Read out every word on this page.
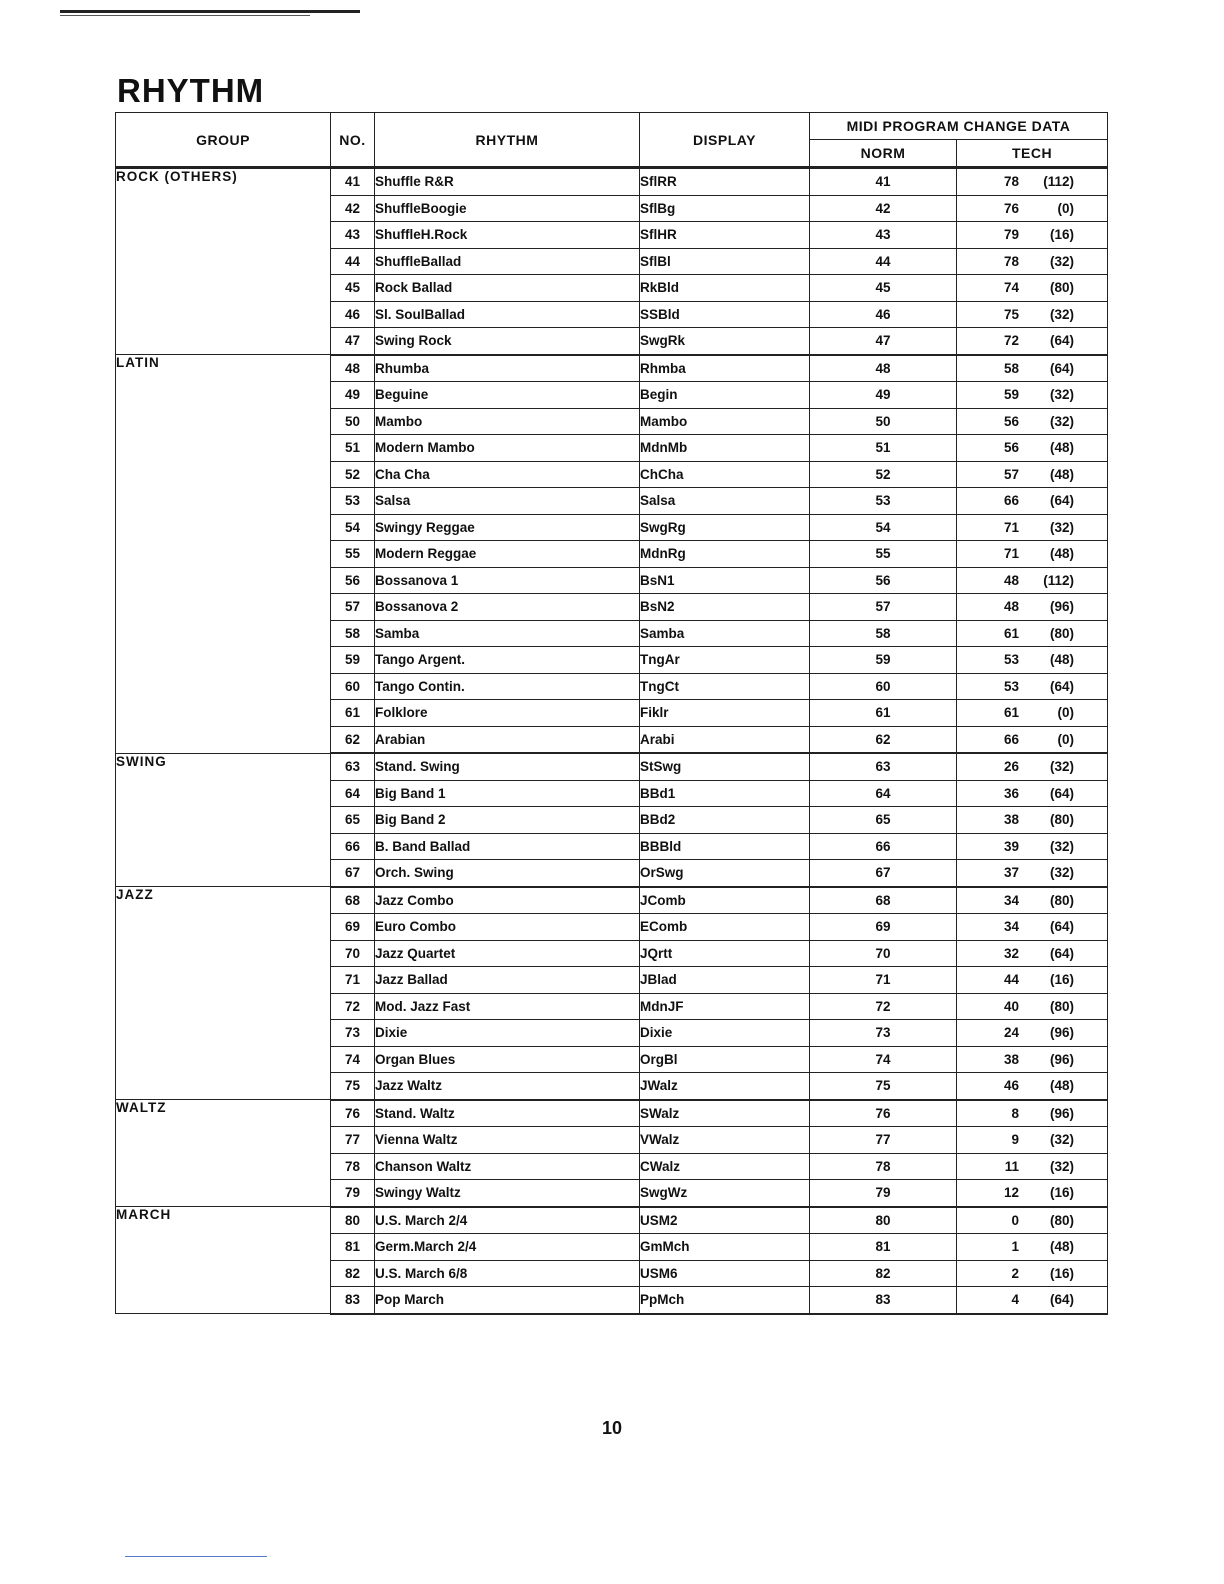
RHYTHM
GROUP	NO.	RHYTHM	DISPLAY	MIDI PROGRAM CHANGE DATA	
				NORM	TECH
ROCK (OTHERS)	41	Shuffle R&R	SflRR	41	78 (112)
	42	ShuffleBoogie	SflBg	42	76 (0)
	43	ShuffleH.Rock	SflHR	43	79 (16)
	44	ShuffleBallad	SflBl	44	78 (32)
	45	Rock Ballad	RkBld	45	74 (80)
	46	Sl. SoulBallad	SSBld	46	75 (32)
	47	Swing Rock	SwgRk	47	72 (64)
LATIN	48	Rhumba	Rhmba	48	58 (64)
	49	Beguine	Begin	49	59 (32)
	50	Mambo	Mambo	50	56 (32)
	51	Modern Mambo	MdnMb	51	56 (48)
	52	Cha Cha	ChCha	52	57 (48)
	53	Salsa	Salsa	53	66 (64)
	54	Swingy Reggae	SwgRg	54	71 (32)
	55	Modern Reggae	MdnRg	55	71 (48)
	56	Bossanova 1	BsN1	56	48 (112)
	57	Bossanova 2	BsN2	57	48 (96)
	58	Samba	Samba	58	61 (80)
	59	Tango Argent.	TngAr	59	53 (48)
	60	Tango Contin.	TngCt	60	53 (64)
	61	Folklore	Fiklr	61	61 (0)
	62	Arabian	Arabi	62	66 (0)
SWING	63	Stand. Swing	StSwg	63	26 (32)
	64	Big Band 1	BBd1	64	36 (64)
	65	Big Band 2	BBd2	65	38 (80)
	66	B. Band Ballad	BBBld	66	39 (32)
	67	Orch. Swing	OrSwg	67	37 (32)
JAZZ	68	Jazz Combo	JComb	68	34 (80)
	69	Euro Combo	EComb	69	34 (64)
	70	Jazz Quartet	JQrtt	70	32 (64)
	71	Jazz Ballad	JBlad	71	44 (16)
	72	Mod. Jazz Fast	MdnJF	72	40 (80)
	73	Dixie	Dixie	73	24 (96)
	74	Organ Blues	OrgBl	74	38 (96)
	75	Jazz Waltz	JWalz	75	46 (48)
WALTZ	76	Stand. Waltz	SWalz	76	8 (96)
	77	Vienna Waltz	VWalz	77	9 (32)
	78	Chanson Waltz	CWalz	78	11 (32)
	79	Swingy Waltz	SwgWz	79	12 (16)
MARCH	80	U.S. March 2/4	USM2	80	0 (80)
	81	Germ.March 2/4	GmMch	81	1 (48)
	82	U.S. March 6/8	USM6	82	2 (16)
	83	Pop March	PpMch	83	4 (64)
10
